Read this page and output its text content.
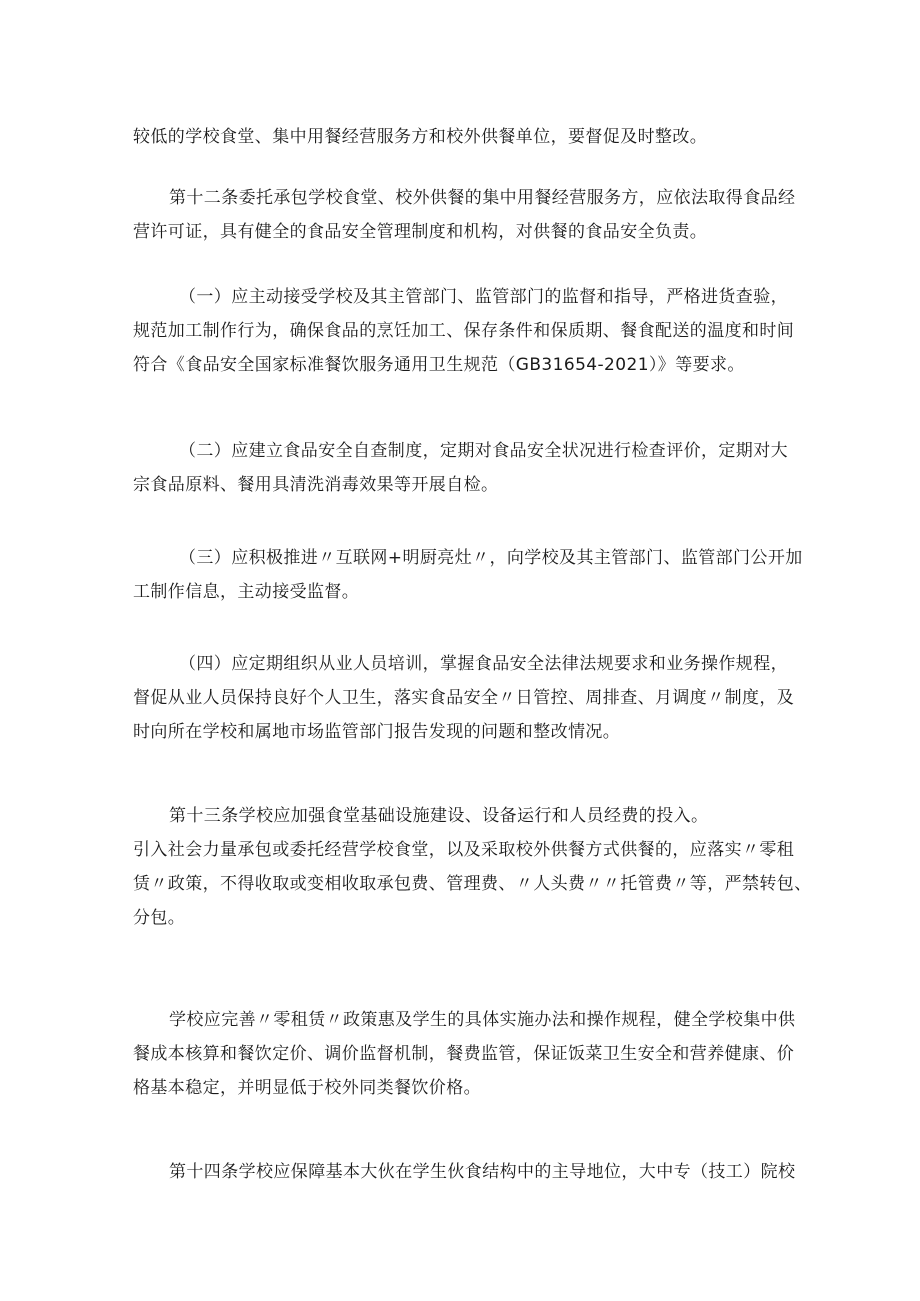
较低的学校食堂、集中用餐经营服务方和校外供餐单位，要督促及时整改。
第十二条委托承包学校食堂、校外供餐的集中用餐经营服务方，应依法取得食品经
营许可证，具有健全的食品安全管理制度和机构，对供餐的食品安全负责。
（一）应主动接受学校及其主管部门、监管部门的监督和指导，严格进货查验，
规范加工制作行为，确保食品的烹饪加工、保存条件和保质期、餐食配送的温度和时间
符合《食品安全国家标准餐饮服务通用卫生规范（GB31654-2021）》等要求。
（二）应建立食品安全自查制度，定期对食品安全状况进行检查评价，定期对大
宗食品原料、餐用具清洗消毒效果等开展自检。
（三）应积极推进〃互联网+明厨亮灶〃，向学校及其主管部门、监管部门公开加
工制作信息，主动接受监督。
（四）应定期组织从业人员培训，掌握食品安全法律法规要求和业务操作规程，
督促从业人员保持良好个人卫生，落实食品安全〃日管控、周排查、月调度〃制度，及
时向所在学校和属地市场监管部门报告发现的问题和整改情况。
第十三条学校应加强食堂基础设施建设、设备运行和人员经费的投入。
引入社会力量承包或委托经营学校食堂，以及采取校外供餐方式供餐的，应落实〃零租
赁〃政策，不得收取或变相收取承包费、管理费、〃人头费〃〃托管费〃等，严禁转包、
分包。
学校应完善〃零租赁〃政策惠及学生的具体实施办法和操作规程，健全学校集中供
餐成本核算和餐饮定价、调价监督机制，餐费监管，保证饭菜卫生安全和营养健康、价
格基本稳定，并明显低于校外同类餐饮价格。
第十四条学校应保障基本大伙在学生伙食结构中的主导地位，大中专（技工）院校
